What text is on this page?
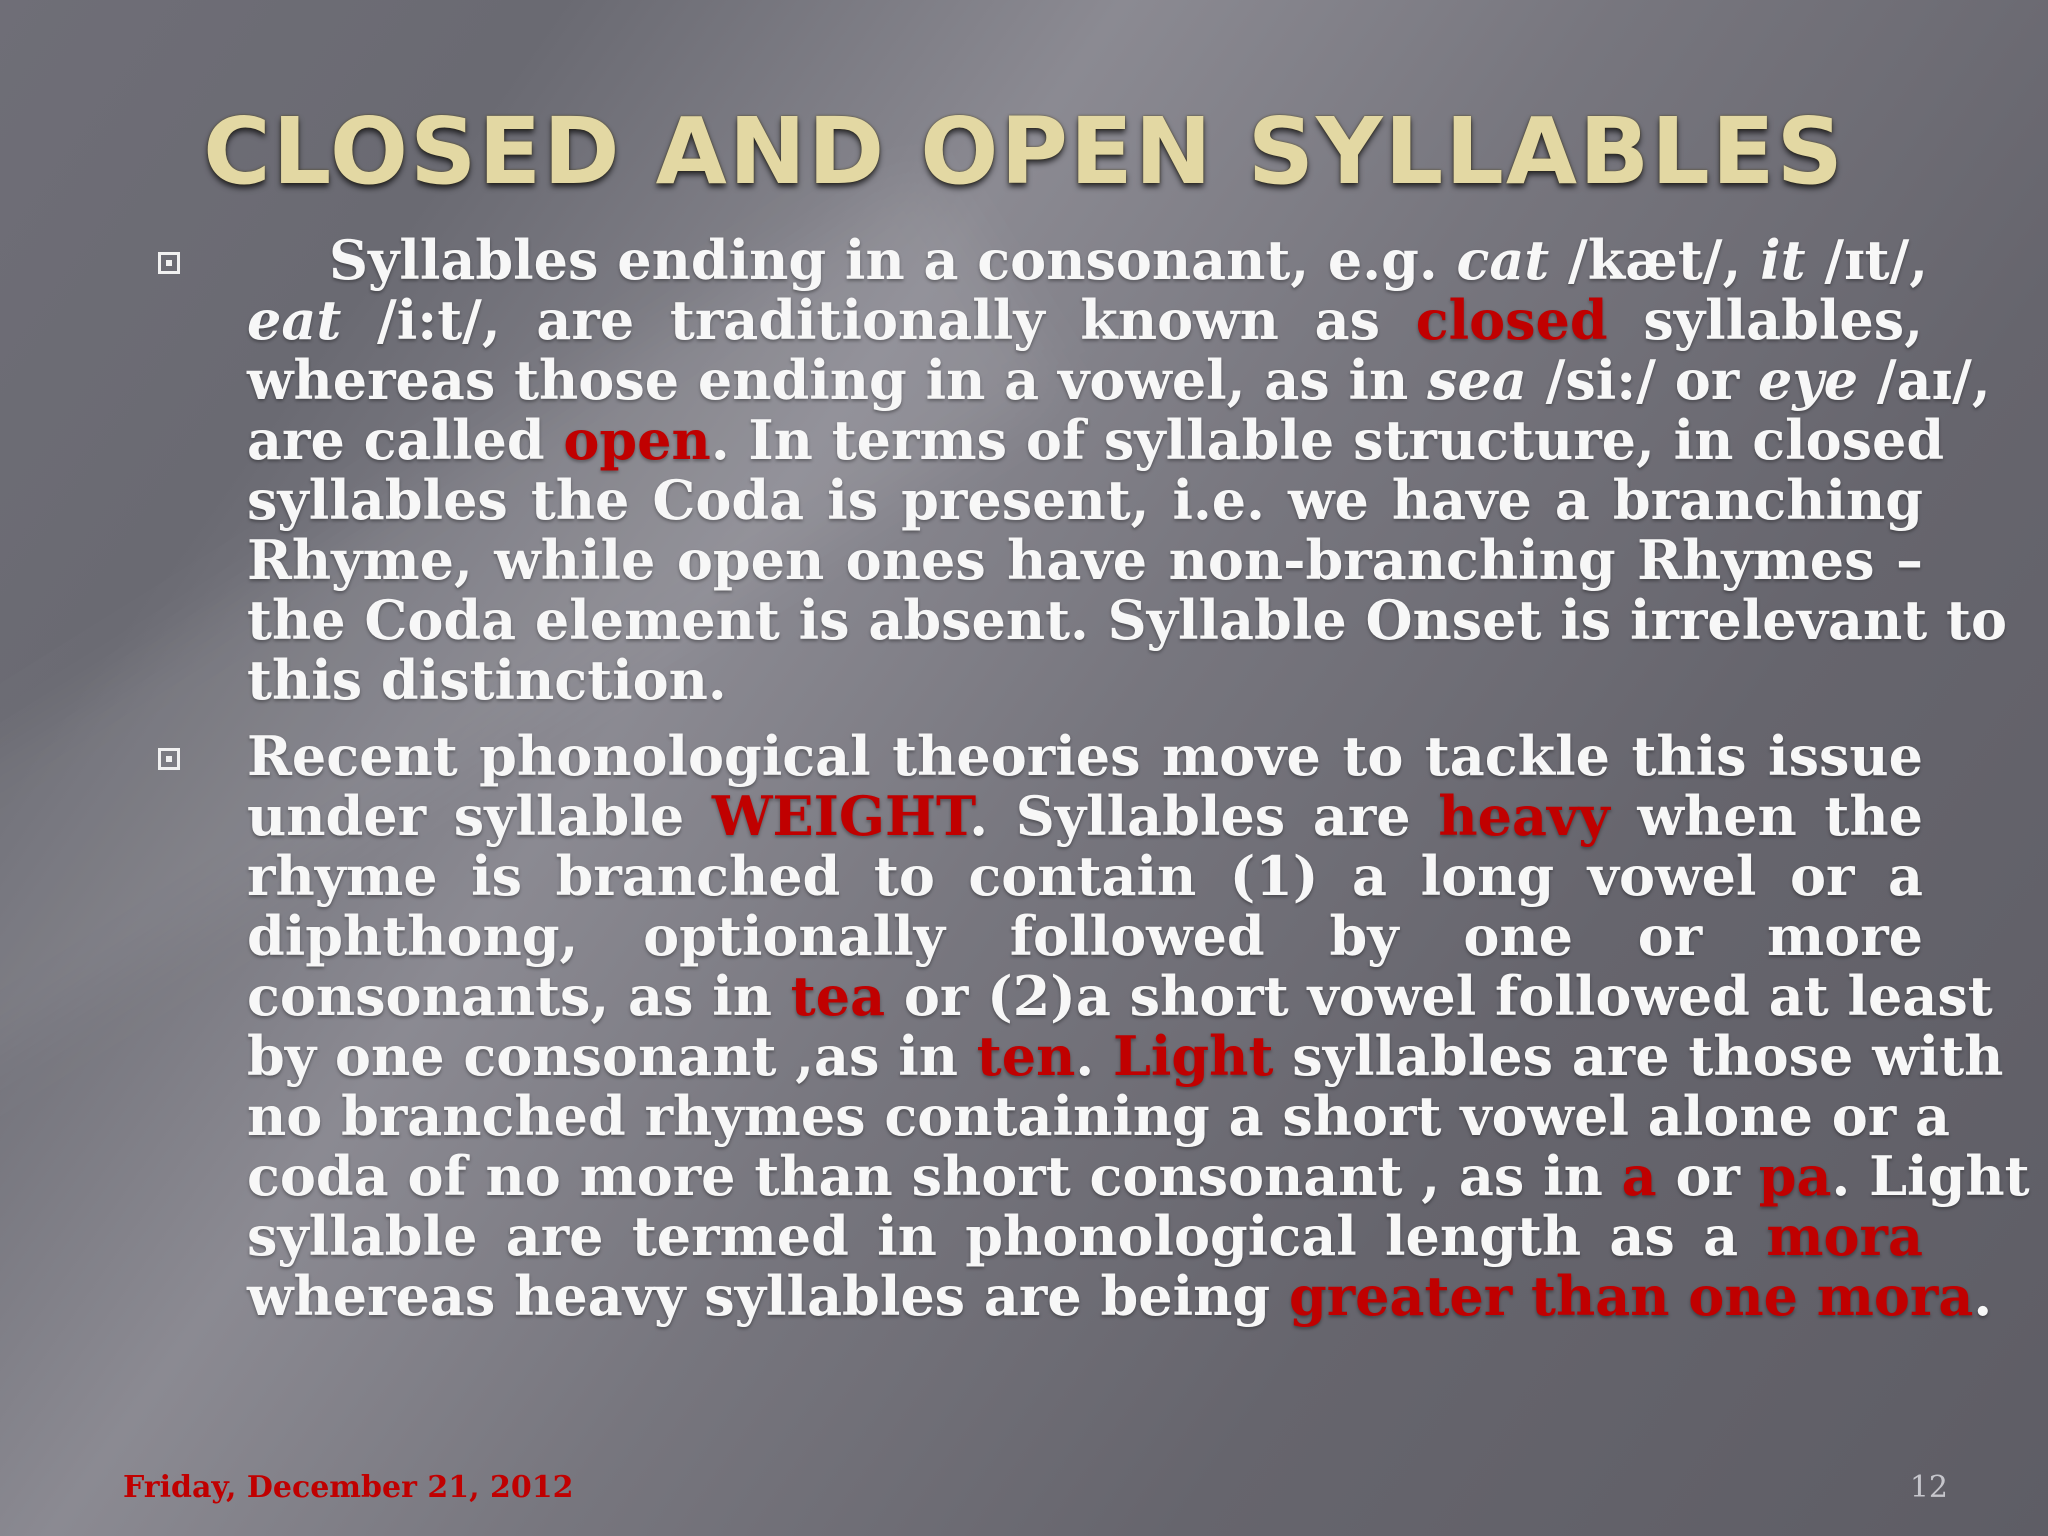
CLOSED AND OPEN SYLLABLES
Syllables ending in a consonant, e.g. cat /kæt/, it /ɪt/,
eat /i:t/, are traditionally known as closed syllables,
whereas those ending in a vowel, as in sea /si:/ or eye /aɪ/,
are called open. In terms of syllable structure, in closed
syllables the Coda is present, i.e. we have a branching
Rhyme, while open ones have non-branching Rhymes –
the Coda element is absent. Syllable Onset is irrelevant to
this distinction.
Recent phonological theories move to tackle this issue
under syllable WEIGHT. Syllables are heavy when the
rhyme is branched to contain (1) a long vowel or a
diphthong, optionally followed by one or more
consonants, as in tea or (2)a short vowel followed at least
by one consonant ,as in ten. Light syllables are those with
no branched rhymes containing a short vowel alone or a
coda of no more than short consonant , as in a or pa. Light
syllable are termed in phonological length as a mora
whereas heavy syllables are being greater than one mora.
Friday, December 21, 2012	12
